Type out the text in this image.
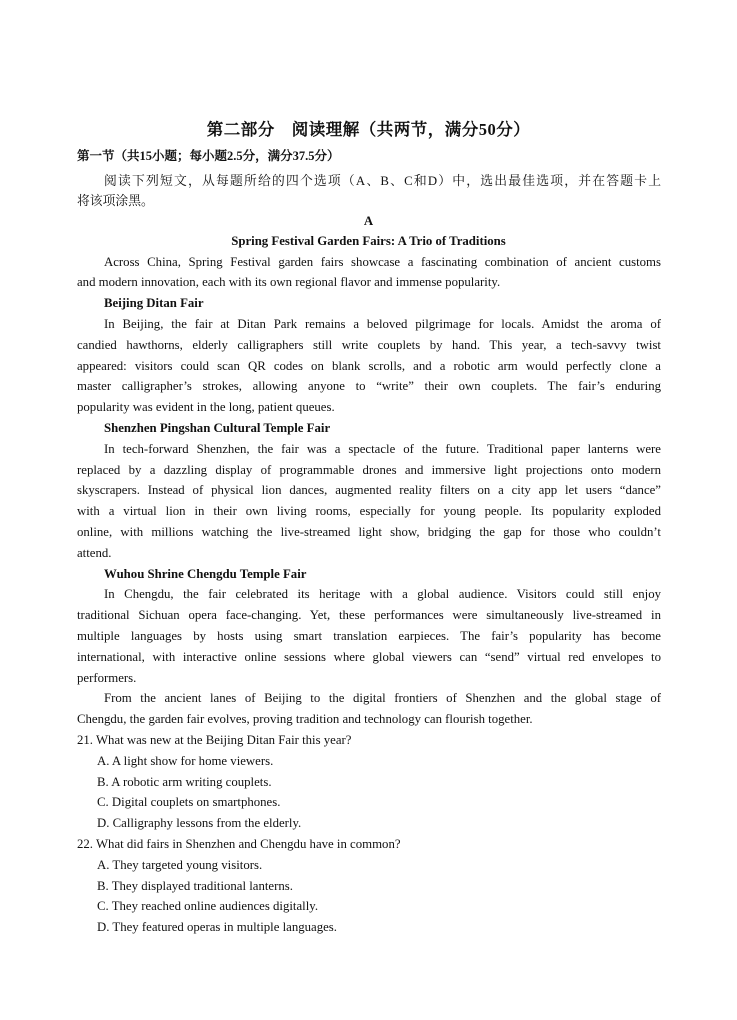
第二部分　阅读理解（共两节，满分50分）
第一节（共15小题；每小题2.5分，满分37.5分）
阅读下列短文，从每题所给的四个选项（A、B、C和D）中，选出最佳选项，并在答题卡上
将该项涂黑。
A
Spring Festival Garden Fairs: A Trio of Traditions
Across China, Spring Festival garden fairs showcase a fascinating combination of ancient customs
and modern innovation, each with its own regional flavor and immense popularity.
Beijing Ditan Fair
In Beijing, the fair at Ditan Park remains a beloved pilgrimage for locals. Amidst the aroma of
candied hawthorns, elderly calligraphers still write couplets by hand. This year, a tech-savvy twist
appeared: visitors could scan QR codes on blank scrolls, and a robotic arm would perfectly clone a
master calligrapher’s strokes, allowing anyone to “write” their own couplets. The fair’s enduring
popularity was evident in the long, patient queues.
Shenzhen Pingshan Cultural Temple Fair
In tech-forward Shenzhen, the fair was a spectacle of the future. Traditional paper lanterns were
replaced by a dazzling display of programmable drones and immersive light projections onto modern
skyscrapers. Instead of physical lion dances, augmented reality filters on a city app let users “dance”
with a virtual lion in their own living rooms, especially for young people. Its popularity exploded
online, with millions watching the live-streamed light show, bridging the gap for those who couldn’t
attend.
Wuhou Shrine Chengdu Temple Fair
In Chengdu, the fair celebrated its heritage with a global audience. Visitors could still enjoy
traditional Sichuan opera face-changing. Yet, these performances were simultaneously live-streamed in
multiple languages by hosts using smart translation earpieces. The fair’s popularity has become
international, with interactive online sessions where global viewers can “send” virtual red envelopes to
performers.
From the ancient lanes of Beijing to the digital frontiers of Shenzhen and the global stage of
Chengdu, the garden fair evolves, proving tradition and technology can flourish together.
21. What was new at the Beijing Ditan Fair this year?
A. A light show for home viewers.
B. A robotic arm writing couplets.
C. Digital couplets on smartphones.
D. Calligraphy lessons from the elderly.
22. What did fairs in Shenzhen and Chengdu have in common?
A. They targeted young visitors.
B. They displayed traditional lanterns.
C. They reached online audiences digitally.
D. They featured operas in multiple languages.
